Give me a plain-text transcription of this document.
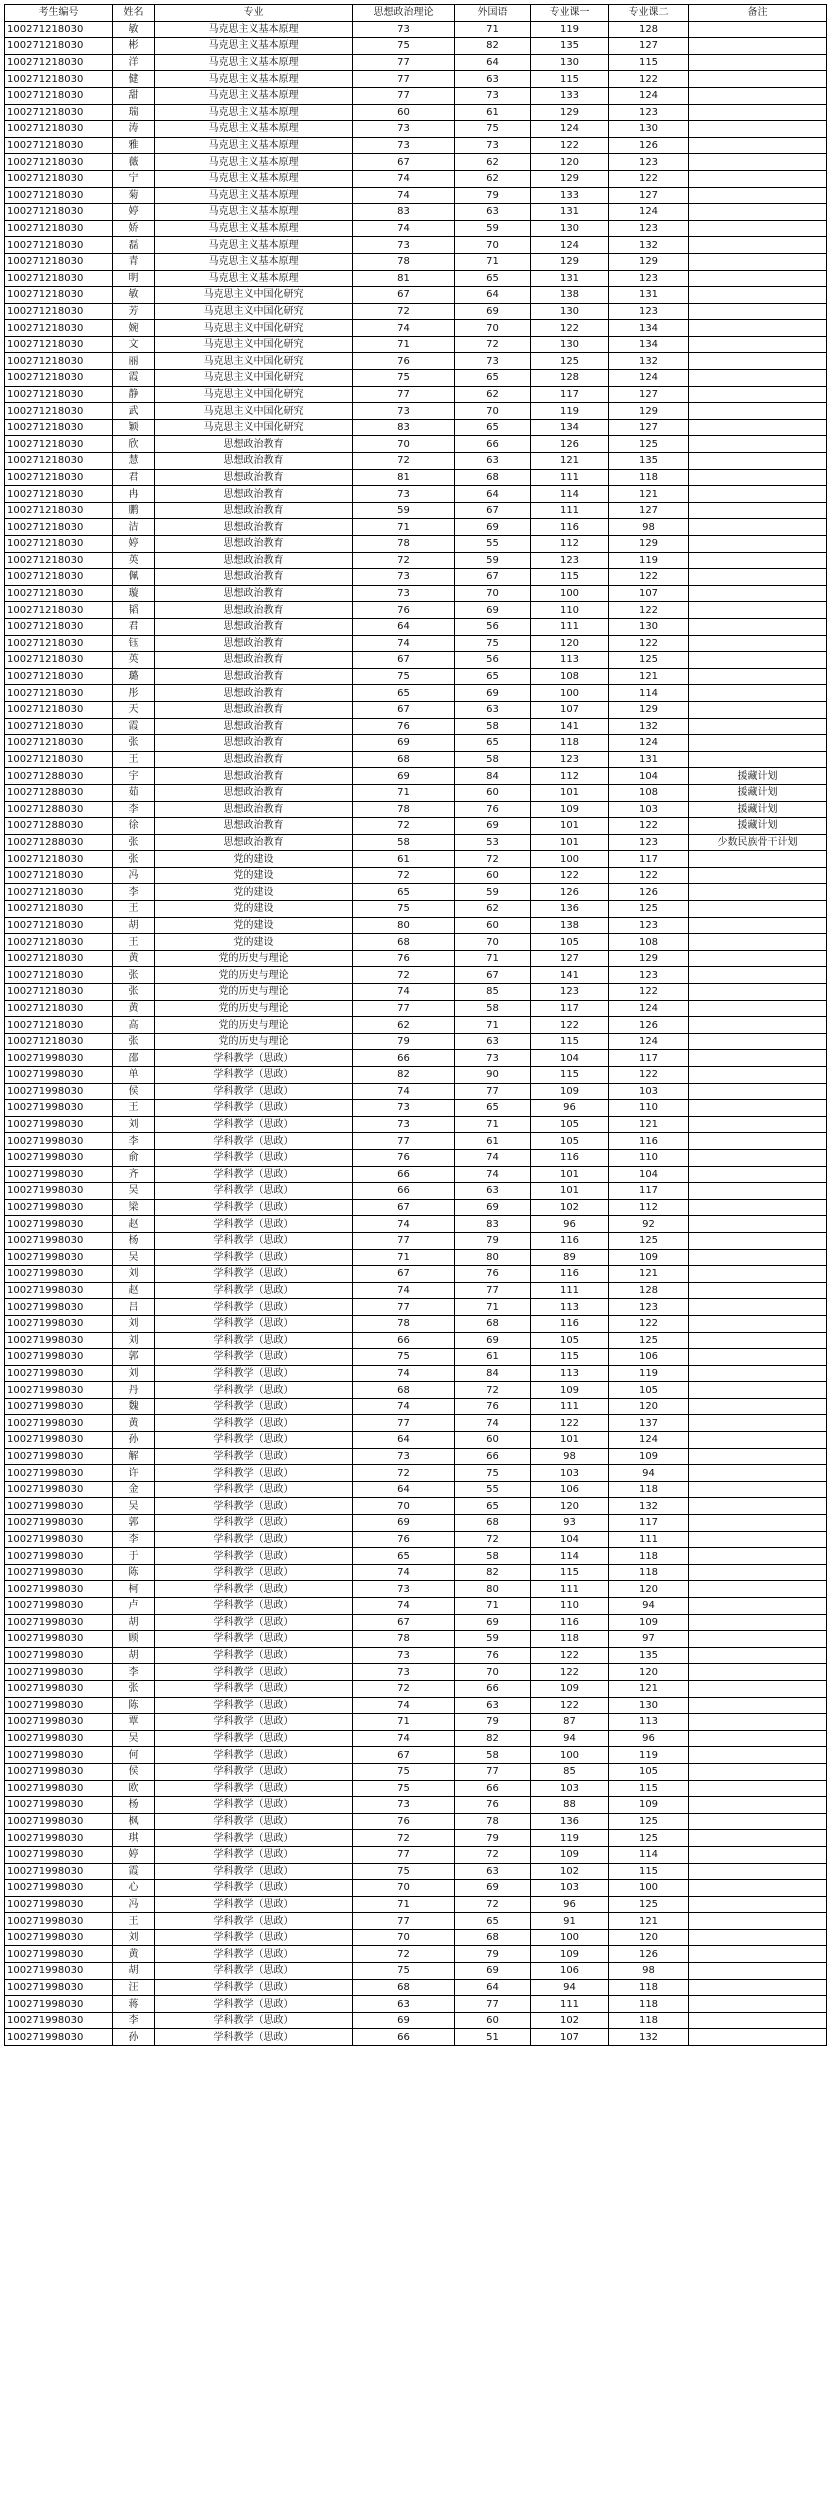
考生编号	姓名	专业	思想政治理论	外国语	专业课一	专业课二	备注
100271218030	敏	马克思主义基本原理	73	71	119	128	
100271218030	彬	马克思主义基本原理	75	82	135	127	
100271218030	洋	马克思主义基本原理	77	64	130	115	
100271218030	健	马克思主义基本原理	77	63	115	122	
100271218030	甜	马克思主义基本原理	77	73	133	124	
100271218030	瑞	马克思主义基本原理	60	61	129	123	
100271218030	涛	马克思主义基本原理	73	75	124	130	
100271218030	雅	马克思主义基本原理	73	73	122	126	
100271218030	薇	马克思主义基本原理	67	62	120	123	
100271218030	宁	马克思主义基本原理	74	62	129	122	
100271218030	菊	马克思主义基本原理	74	79	133	127	
100271218030	婷	马克思主义基本原理	83	63	131	124	
100271218030	娇	马克思主义基本原理	74	59	130	123	
100271218030	磊	马克思主义基本原理	73	70	124	132	
100271218030	青	马克思主义基本原理	78	71	129	129	
100271218030	明	马克思主义基本原理	81	65	131	123	
100271218030	敏	马克思主义中国化研究	67	64	138	131	
100271218030	芳	马克思主义中国化研究	72	69	130	123	
100271218030	婉	马克思主义中国化研究	74	70	122	134	
100271218030	文	马克思主义中国化研究	71	72	130	134	
100271218030	丽	马克思主义中国化研究	76	73	125	132	
100271218030	霞	马克思主义中国化研究	75	65	128	124	
100271218030	静	马克思主义中国化研究	77	62	117	127	
100271218030	武	马克思主义中国化研究	73	70	119	129	
100271218030	颖	马克思主义中国化研究	83	65	134	127	
100271218030	欣	思想政治教育	70	66	126	125	
100271218030	慧	思想政治教育	72	63	121	135	
100271218030	君	思想政治教育	81	68	111	118	
100271218030	冉	思想政治教育	73	64	114	121	
100271218030	鹏	思想政治教育	59	67	111	127	
100271218030	洁	思想政治教育	71	69	116	98	
100271218030	婷	思想政治教育	78	55	112	129	
100271218030	英	思想政治教育	72	59	123	119	
100271218030	佩	思想政治教育	73	67	115	122	
100271218030	璇	思想政治教育	73	70	100	107	
100271218030	韬	思想政治教育	76	69	110	122	
100271218030	君	思想政治教育	64	56	111	130	
100271218030	钰	思想政治教育	74	75	120	122	
100271218030	英	思想政治教育	67	56	113	125	
100271218030	璐	思想政治教育	75	65	108	121	
100271218030	彤	思想政治教育	65	69	100	114	
100271218030	天	思想政治教育	67	63	107	129	
100271218030	霞	思想政治教育	76	58	141	132	
100271218030	张	思想政治教育	69	65	118	124	
100271218030	王	思想政治教育	68	58	123	131	
100271288030	宇	思想政治教育	69	84	112	104	援藏计划
100271288030	茹	思想政治教育	71	60	101	108	援藏计划
100271288030	李	思想政治教育	78	76	109	103	援藏计划
100271288030	徐	思想政治教育	72	69	101	122	援藏计划
100271288030	张	思想政治教育	58	53	101	123	少数民族骨干计划
100271218030	张	党的建设	61	72	100	117	
100271218030	冯	党的建设	72	60	122	122	
100271218030	李	党的建设	65	59	126	126	
100271218030	王	党的建设	75	62	136	125	
100271218030	胡	党的建设	80	60	138	123	
100271218030	王	党的建设	68	70	105	108	
100271218030	黄	党的历史与理论	76	71	127	129	
100271218030	张	党的历史与理论	72	67	141	123	
100271218030	张	党的历史与理论	74	85	123	122	
100271218030	黄	党的历史与理论	77	58	117	124	
100271218030	高	党的历史与理论	62	71	122	126	
100271218030	张	党的历史与理论	79	63	115	124	
100271998030	邵	学科教学（思政）	66	73	104	117	
100271998030	单	学科教学（思政）	82	90	115	122	
100271998030	侯	学科教学（思政）	74	77	109	103	
100271998030	王	学科教学（思政）	73	65	96	110	
100271998030	刘	学科教学（思政）	73	71	105	121	
100271998030	李	学科教学（思政）	77	61	105	116	
100271998030	俞	学科教学（思政）	76	74	116	110	
100271998030	齐	学科教学（思政）	66	74	101	104	
100271998030	吴	学科教学（思政）	66	63	101	117	
100271998030	梁	学科教学（思政）	67	69	102	112	
100271998030	赵	学科教学（思政）	74	83	96	92	
100271998030	杨	学科教学（思政）	77	79	116	125	
100271998030	吴	学科教学（思政）	71	80	89	109	
100271998030	刘	学科教学（思政）	67	76	116	121	
100271998030	赵	学科教学（思政）	74	77	111	128	
100271998030	吕	学科教学（思政）	77	71	113	123	
100271998030	刘	学科教学（思政）	78	68	116	122	
100271998030	刘	学科教学（思政）	66	69	105	125	
100271998030	郭	学科教学（思政）	75	61	115	106	
100271998030	刘	学科教学（思政）	74	84	113	119	
100271998030	丹	学科教学（思政）	68	72	109	105	
100271998030	魏	学科教学（思政）	74	76	111	120	
100271998030	黄	学科教学（思政）	77	74	122	137	
100271998030	孙	学科教学（思政）	64	60	101	124	
100271998030	解	学科教学（思政）	73	66	98	109	
100271998030	许	学科教学（思政）	72	75	103	94	
100271998030	金	学科教学（思政）	64	55	106	118	
100271998030	吴	学科教学（思政）	70	65	120	132	
100271998030	郭	学科教学（思政）	69	68	93	117	
100271998030	李	学科教学（思政）	76	72	104	111	
100271998030	于	学科教学（思政）	65	58	114	118	
100271998030	陈	学科教学（思政）	74	82	115	118	
100271998030	柯	学科教学（思政）	73	80	111	120	
100271998030	卢	学科教学（思政）	74	71	110	94	
100271998030	胡	学科教学（思政）	67	69	116	109	
100271998030	顾	学科教学（思政）	78	59	118	97	
100271998030	胡	学科教学（思政）	73	76	122	135	
100271998030	李	学科教学（思政）	73	70	122	120	
100271998030	张	学科教学（思政）	72	66	109	121	
100271998030	陈	学科教学（思政）	74	63	122	130	
100271998030	覃	学科教学（思政）	71	79	87	113	
100271998030	吴	学科教学（思政）	74	82	94	96	
100271998030	何	学科教学（思政）	67	58	100	119	
100271998030	侯	学科教学（思政）	75	77	85	105	
100271998030	欧	学科教学（思政）	75	66	103	115	
100271998030	杨	学科教学（思政）	73	76	88	109	
100271998030	枫	学科教学（思政）	76	78	136	125	
100271998030	琪	学科教学（思政）	72	79	119	125	
100271998030	婷	学科教学（思政）	77	72	109	114	
100271998030	霞	学科教学（思政）	75	63	102	115	
100271998030	心	学科教学（思政）	70	69	103	100	
100271998030	冯	学科教学（思政）	71	72	96	125	
100271998030	王	学科教学（思政）	77	65	91	121	
100271998030	刘	学科教学（思政）	70	68	100	120	
100271998030	黄	学科教学（思政）	72	79	109	126	
100271998030	胡	学科教学（思政）	75	69	106	98	
100271998030	汪	学科教学（思政）	68	64	94	118	
100271998030	蒋	学科教学（思政）	63	77	111	118	
100271998030	李	学科教学（思政）	69	60	102	118	
100271998030	孙	学科教学（思政）	66	51	107	132	
